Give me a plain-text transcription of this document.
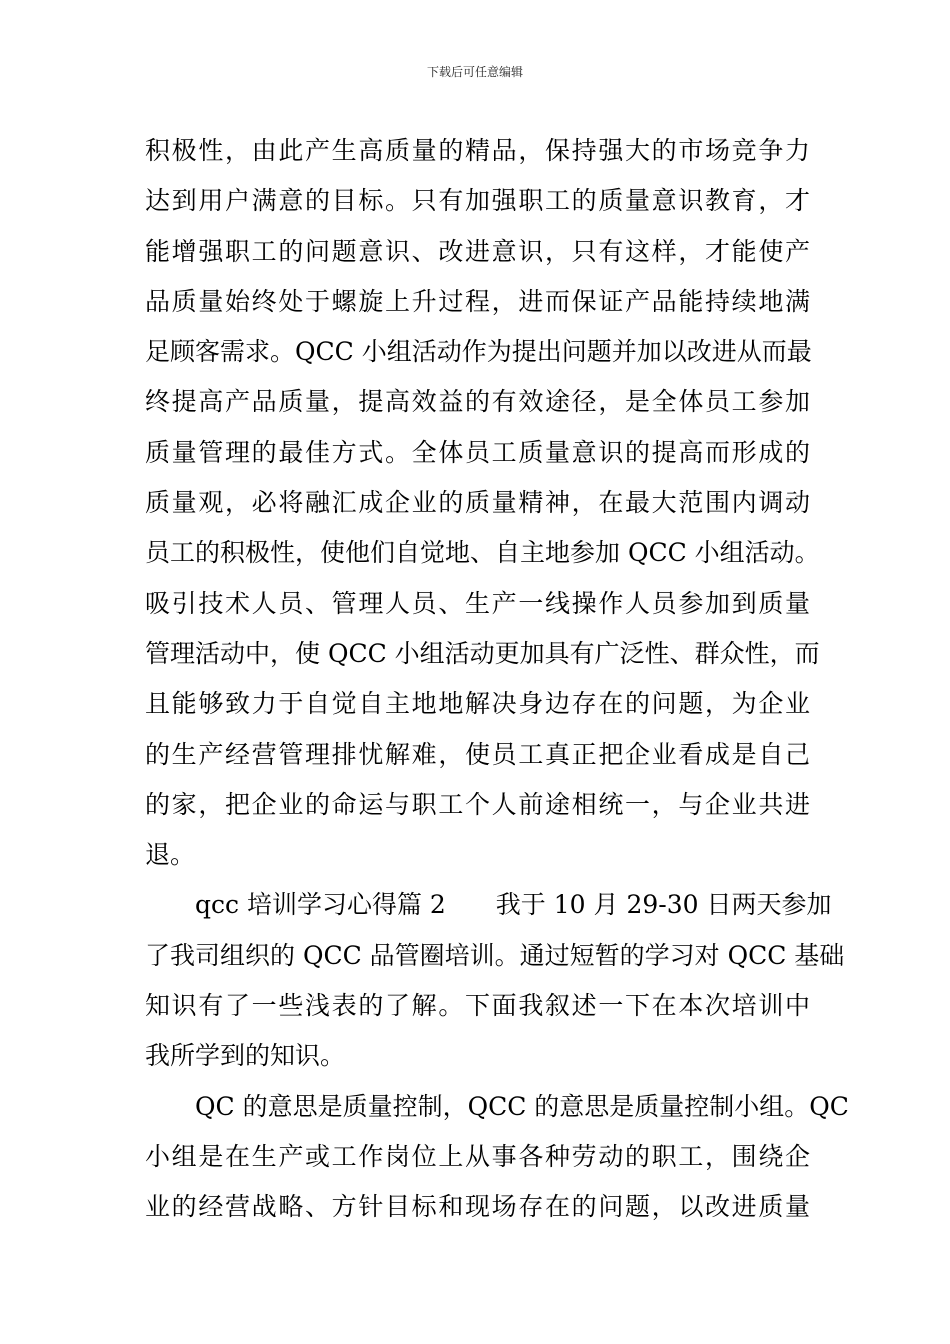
下载后可任意编辑
积极性，由此产生高质量的精品，保持强大的市场竞争力
达到用户满意的目标。只有加强职工的质量意识教育，才
能增强职工的问题意识、改进意识，只有这样，才能使产
品质量始终处于螺旋上升过程，进而保证产品能持续地满
足顾客需求。QCC 小组活动作为提出问题并加以改进从而最
终提高产品质量，提高效益的有效途径，是全体员工参加
质量管理的最佳方式。全体员工质量意识的提高而形成的
质量观，必将融汇成企业的质量精神，在最大范围内调动
员工的积极性，使他们自觉地、自主地参加 QCC 小组活动。
吸引技术人员、管理人员、生产一线操作人员参加到质量
管理活动中，使 QCC 小组活动更加具有广泛性、群众性，而
且能够致力于自觉自主地地解决身边存在的问题，为企业
的生产经营管理排忧解难，使员工真正把企业看成是自己
的家，把企业的命运与职工个人前途相统一，与企业共进
退。
qcc 培训学习心得篇 2　　我于 10 月 29-30 日两天参加
了我司组织的 QCC 品管圈培训。通过短暂的学习对 QCC 基础
知识有了一些浅表的了解。下面我叙述一下在本次培训中
我所学到的知识。
QC 的意思是质量控制，QCC 的意思是质量控制小组。QC
小组是在生产或工作岗位上从事各种劳动的职工，围绕企
业的经营战略、方针目标和现场存在的问题，以改进质量
